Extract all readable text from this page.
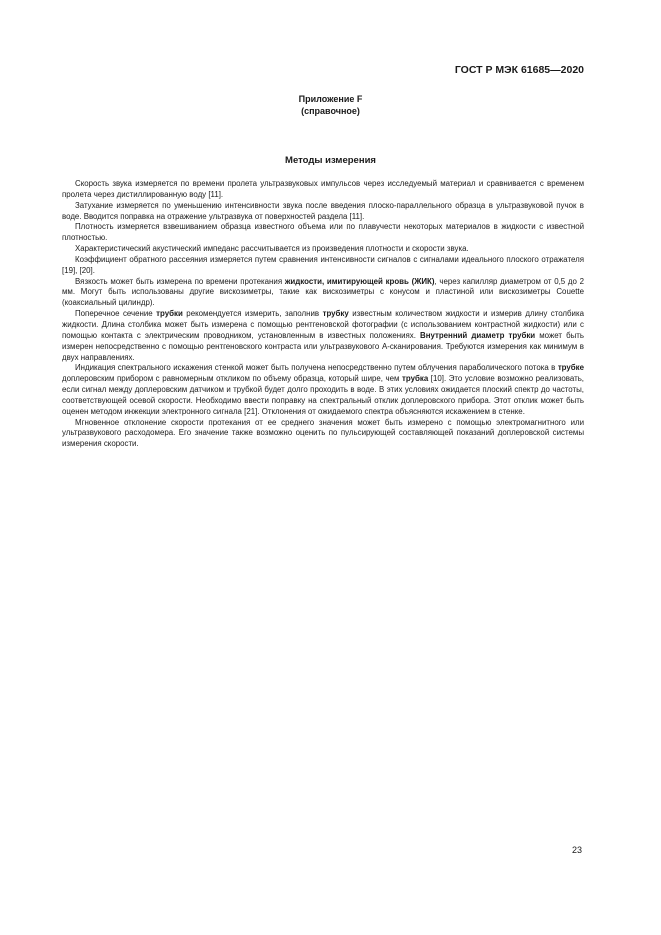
ГОСТ Р МЭК 61685—2020
Приложение F
(справочное)
Методы измерения

Скорость звука измеряется по времени пролета ультразвуковых импульсов через исследуемый материал и сравнивается с временем пролета через дистиллированную воду [11].

Затухание измеряется по уменьшению интенсивности звука после введения плоско-параллельного образца в ультразвуковой пучок в воде. Вводится поправка на отражение ультразвука от поверхностей раздела [11].

Плотность измеряется взвешиванием образца известного объема или по плавучести некоторых материалов в жидкости с известной плотностью.

Характеристический акустический импеданс рассчитывается из произведения плотности и скорости звука.

Коэффициент обратного рассеяния измеряется путем сравнения интенсивности сигналов с сигналами идеального плоского отражателя [19], [20].

Вязкость может быть измерена по времени протекания жидкости, имитирующей кровь (ЖИК), через капилляр диаметром от 0,5 до 2 мм. Могут быть использованы другие вискозиметры, такие как вискозиметры с конусом и пластиной или вискозиметры Couette (коаксиальный цилиндр).

Поперечное сечение трубки рекомендуется измерить, заполнив трубку известным количеством жидкости и измерив длину столбика жидкости. Длина столбика может быть измерена с помощью рентгеновской фотографии (с использованием контрастной жидкости) или с помощью контакта с электрическим проводником, установленным в известных положениях. Внутренний диаметр трубки может быть измерен непосредственно с помощью рентгеновского контраста или ультразвукового А-сканирования. Требуются измерения как минимум в двух направлениях.

Индикация спектрального искажения стенкой может быть получена непосредственно путем облучения параболического потока в трубке доплеровским прибором с равномерным откликом по объему образца, который шире, чем трубка [10]. Это условие возможно реализовать, если сигнал между доплеровским датчиком и трубкой будет долго проходить в воде. В этих условиях ожидается плоский спектр до частоты, соответствующей осевой скорости. Необходимо ввести поправку на спектральный отклик доплеровского прибора. Этот отклик может быть оценен методом инжекции электронного сигнала [21]. Отклонения от ожидаемого спектра объясняются искажением в стенке.

Мгновенное отклонение скорости протекания от ее среднего значения может быть измерено с помощью электромагнитного или ультразвукового расходомера. Его значение также возможно оценить по пульсирующей составляющей показаний доплеровской системы измерения скорости.

23
